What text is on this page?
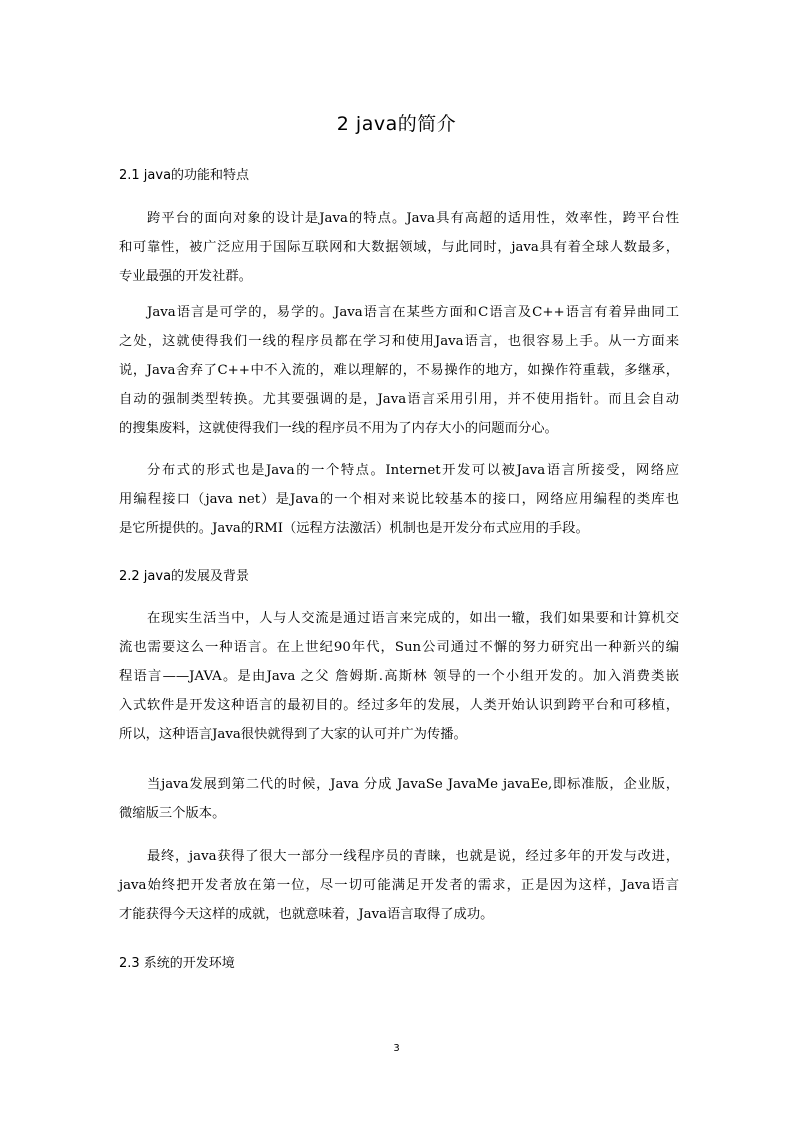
2 java的简介
2.1 java的功能和特点
跨平台的面向对象的设计是Java的特点。Java具有高超的适用性，效率性，跨平台性
和可靠性，被广泛应用于国际互联网和大数据领域，与此同时，java具有着全球人数最多，
专业最强的开发社群。
Java语言是可学的，易学的。Java语言在某些方面和C语言及C++语言有着异曲同工
之处，这就使得我们一线的程序员都在学习和使用Java语言，也很容易上手。从一方面来
说，Java舍弃了C++中不入流的，难以理解的，不易操作的地方，如操作符重载，多继承，
自动的强制类型转换。尤其要强调的是，Java语言采用引用，并不使用指针。而且会自动
的搜集废料，这就使得我们一线的程序员不用为了内存大小的问题而分心。
分布式的形式也是Java的一个特点。Internet开发可以被Java语言所接受，网络应
用编程接口（java net）是Java的一个相对来说比较基本的接口，网络应用编程的类库也
是它所提供的。Java的RMI（远程方法激活）机制也是开发分布式应用的手段。
2.2 java的发展及背景
在现实生活当中，人与人交流是通过语言来完成的，如出一辙，我们如果要和计算机交
流也需要这么一种语言。在上世纪90年代，Sun公司通过不懈的努力研究出一种新兴的编
程语言——JAVA。是由Java 之父 詹姆斯.高斯林 领导的一个小组开发的。加入消费类嵌
入式软件是开发这种语言的最初目的。经过多年的发展，人类开始认识到跨平台和可移植，
所以，这种语言Java很快就得到了大家的认可并广为传播。
当java发展到第二代的时候，Java 分成 JavaSe JavaMe javaEe,即标准版，企业版，
微缩版三个版本。
最终，java获得了很大一部分一线程序员的青睐，也就是说，经过多年的开发与改进，
java始终把开发者放在第一位，尽一切可能满足开发者的需求，正是因为这样，Java语言
才能获得今天这样的成就，也就意味着，Java语言取得了成功。
2.3 系统的开发环境
3
